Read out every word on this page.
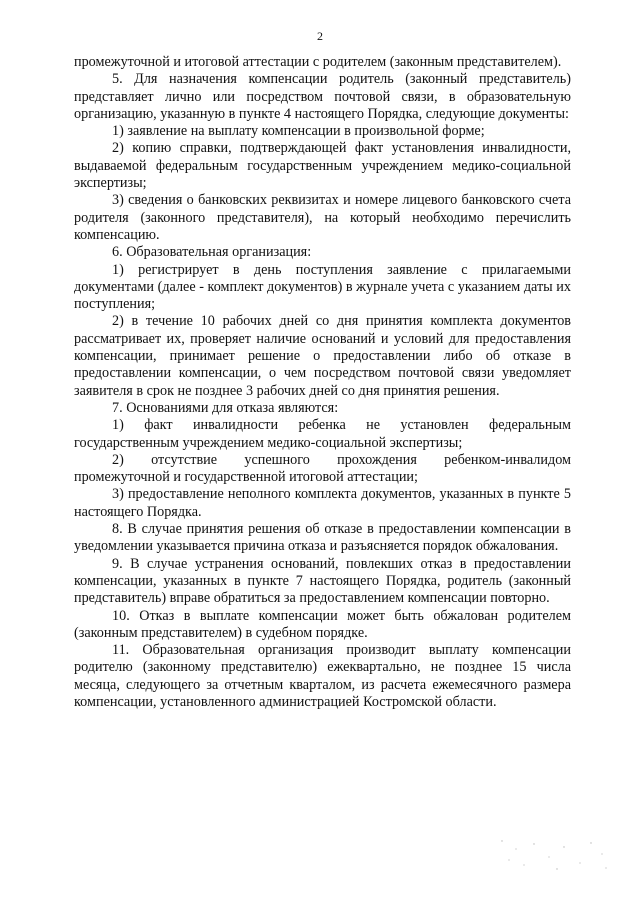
2

промежуточной и итоговой аттестации с родителем (законным представителем).

5. Для назначения компенсации родитель (законный представитель) представляет лично или посредством почтовой связи, в образовательную организацию, указанную в пункте 4 настоящего Порядка, следующие документы:

1) заявление на выплату компенсации в произвольной форме;

2) копию справки, подтверждающей факт установления инвалидности, выдаваемой федеральным государственным учреждением медико-социальной экспертизы;

3) сведения о банковских реквизитах и номере лицевого банковского счета родителя (законного представителя), на который необходимо перечислить компенсацию.

6. Образовательная организация:

1) регистрирует в день поступления заявление с прилагаемыми документами (далее - комплект документов) в журнале учета с указанием даты их поступления;

2) в течение 10 рабочих дней со дня принятия комплекта документов рассматривает их, проверяет наличие оснований и условий для предоставления компенсации, принимает решение о предоставлении либо об отказе в предоставлении компенсации, о чем посредством почтовой связи уведомляет заявителя в срок не позднее 3 рабочих дней со дня принятия решения.

7. Основаниями для отказа являются:

1) факт инвалидности ребенка не установлен федеральным государственным учреждением медико-социальной экспертизы;

2) отсутствие успешного прохождения ребенком-инвалидом промежуточной и государственной итоговой аттестации;

3) предоставление неполного комплекта документов, указанных в пункте 5 настоящего Порядка.

8. В случае принятия решения об отказе в предоставлении компенсации в уведомлении указывается причина отказа и разъясняется порядок обжалования.

9. В случае устранения оснований, повлекших отказ в предоставлении компенсации, указанных в пункте 7 настоящего Порядка, родитель (законный представитель) вправе обратиться за предоставлением компенсации повторно.

10. Отказ в выплате компенсации может быть обжалован родителем (законным представителем) в судебном порядке.

11. Образовательная организация производит выплату компенсации родителю (законному представителю) ежеквартально, не позднее 15 числа месяца, следующего за отчетным кварталом, из расчета ежемесячного размера компенсации, установленного администрацией Костромской области.
